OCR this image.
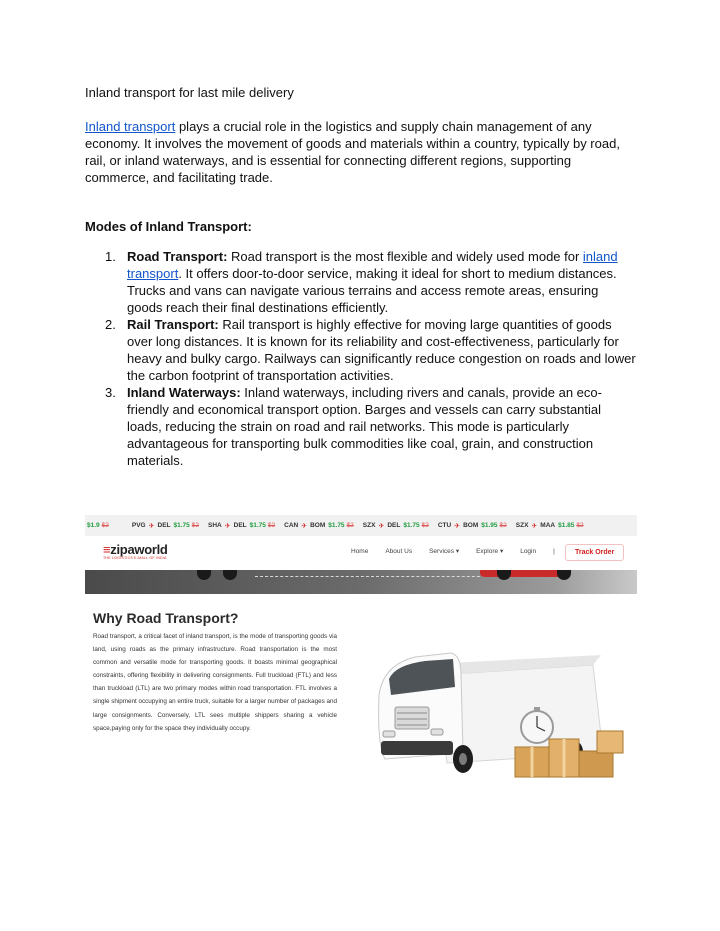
Inland transport for last mile delivery
Inland transport plays a crucial role in the logistics and supply chain management of any economy. It involves the movement of goods and materials within a country, typically by road, rail, or inland waterways, and is essential for connecting different regions, supporting commerce, and facilitating trade.
Modes of Inland Transport:
1. Road Transport: Road transport is the most flexible and widely used mode for inland transport. It offers door-to-door service, making it ideal for short to medium distances. Trucks and vans can navigate various terrains and access remote areas, ensuring goods reach their final destinations efficiently.
2. Rail Transport: Rail transport is highly effective for moving large quantities of goods over long distances. It is known for its reliability and cost-effectiveness, particularly for heavy and bulky cargo. Railways can significantly reduce congestion on roads and lower the carbon footprint of transportation activities.
3. Inland Waterways: Inland waterways, including rivers and canals, provide an eco-friendly and economical transport option. Barges and vessels can carry substantial loads, reducing the strain on road and rail networks. This mode is particularly advantageous for transporting bulk commodities like coal, grain, and construction materials.
$1.9 $2	PVG ✈ DEL $1.75 $2 SHA ✈ DEL $1.75 $2 CAN ✈ BOM $1.75 $2 SZX ✈ DEL $1.75 $2 CTU ✈ BOM $1.95 $2 SZX ✈ MAA $1.85 $2
≡zipaworld
THE LOGISTICS E-MALL OF INDIA
Home	About Us	Services ▾	Explore ▾	Login	|	Track Order
Why Road Transport?
Road transport, a critical facet of inland transport, is the mode of transporting goods via land, using roads as the primary infrastructure. Road transportation is the most common and versatile mode for transporting goods. It boasts minimal geographical constraints, offering flexibility in delivering consignments. Full truckload (FTL) and less than truckload (LTL) are two primary modes within road transportation. FTL involves a single shipment occupying an entire truck, suitable for a larger number of packages and large consignments. Conversely, LTL sees multiple shippers sharing a vehicle space,paying only for the space they individually occupy.
